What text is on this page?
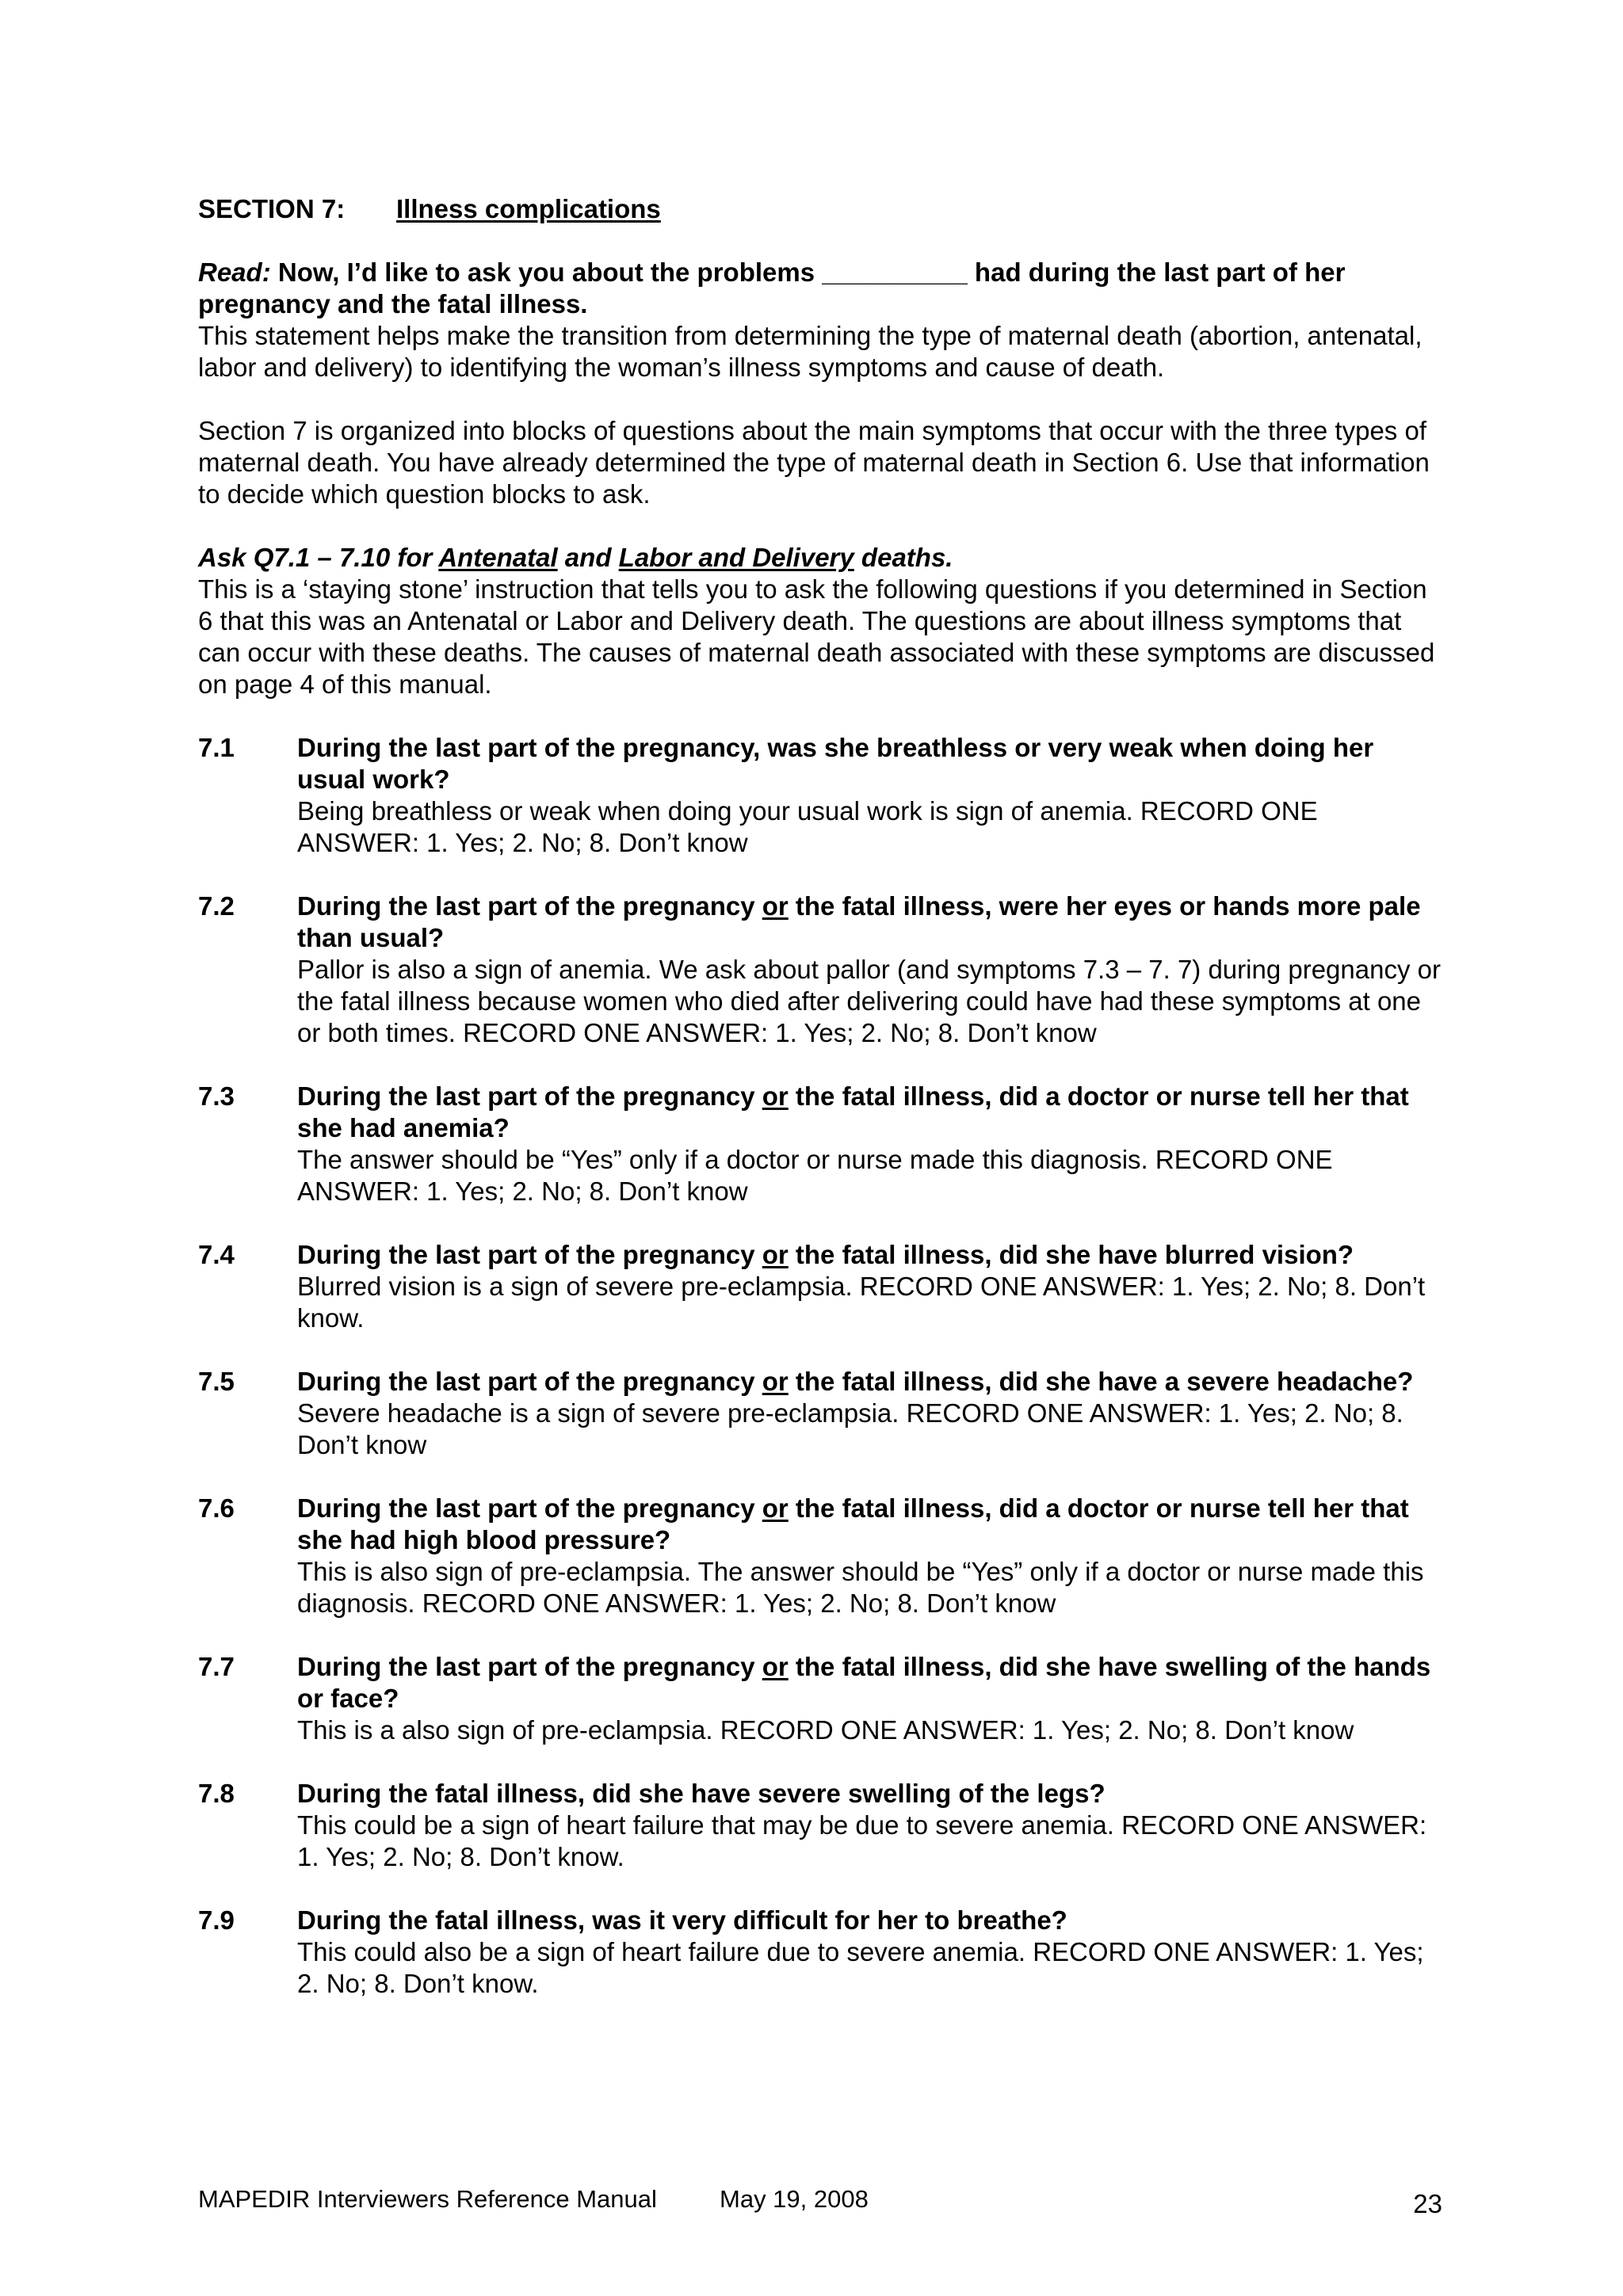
SECTION 7: Illness complications

Read: Now, I’d like to ask you about the problems __________ had during the last part of her pregnancy and the fatal illness.

This statement helps make the transition from determining the type of maternal death (abortion, antenatal, labor and delivery) to identifying the woman’s illness symptoms and cause of death.

Section 7 is organized into blocks of questions about the main symptoms that occur with the three types of maternal death. You have already determined the type of maternal death in Section 6. Use that information to decide which question blocks to ask.

Ask Q7.1 – 7.10 for Antenatal and Labor and Delivery deaths.

This is a ‘staying stone’ instruction that tells you to ask the following questions if you determined in Section 6 that this was an Antenatal or Labor and Delivery death. The questions are about illness symptoms that can occur with these deaths. The causes of maternal death associated with these symptoms are discussed on page 4 of this manual.

7.1 During the last part of the pregnancy, was she breathless or very weak when doing her usual work?

Being breathless or weak when doing your usual work is sign of anemia. RECORD ONE ANSWER: 1. Yes; 2. No; 8. Don’t know

7.2 During the last part of the pregnancy or the fatal illness, were her eyes or hands more pale than usual?

Pallor is also a sign of anemia. We ask about pallor (and symptoms 7.3 – 7. 7) during pregnancy or the fatal illness because women who died after delivering could have had these symptoms at one or both times. RECORD ONE ANSWER: 1. Yes; 2. No; 8. Don’t know

7.3 During the last part of the pregnancy or the fatal illness, did a doctor or nurse tell her that she had anemia?

The answer should be “Yes” only if a doctor or nurse made this diagnosis. RECORD ONE ANSWER: 1. Yes; 2. No; 8. Don’t know

7.4 During the last part of the pregnancy or the fatal illness, did she have blurred vision?

Blurred vision is a sign of severe pre-eclampsia. RECORD ONE ANSWER: 1. Yes; 2. No; 8. Don’t know.

7.5 During the last part of the pregnancy or the fatal illness, did she have a severe headache?

Severe headache is a sign of severe pre-eclampsia. RECORD ONE ANSWER: 1. Yes; 2. No; 8. Don’t know

7.6 During the last part of the pregnancy or the fatal illness, did a doctor or nurse tell her that she had high blood pressure?

This is also sign of pre-eclampsia. The answer should be “Yes” only if a doctor or nurse made this diagnosis. RECORD ONE ANSWER: 1. Yes; 2. No; 8. Don’t know

7.7 During the last part of the pregnancy or the fatal illness, did she have swelling of the hands or face?

This is a also sign of pre-eclampsia. RECORD ONE ANSWER: 1. Yes; 2. No; 8. Don’t know

7.8 During the fatal illness, did she have severe swelling of the legs?

This could be a sign of heart failure that may be due to severe anemia. RECORD ONE ANSWER: 1. Yes; 2. No; 8. Don’t know.

7.9 During the fatal illness, was it very difficult for her to breathe?

This could also be a sign of heart failure due to severe anemia. RECORD ONE ANSWER: 1. Yes; 2. No; 8. Don’t know.

MAPEDIR Interviewers Reference Manual	May 19, 2008	23
